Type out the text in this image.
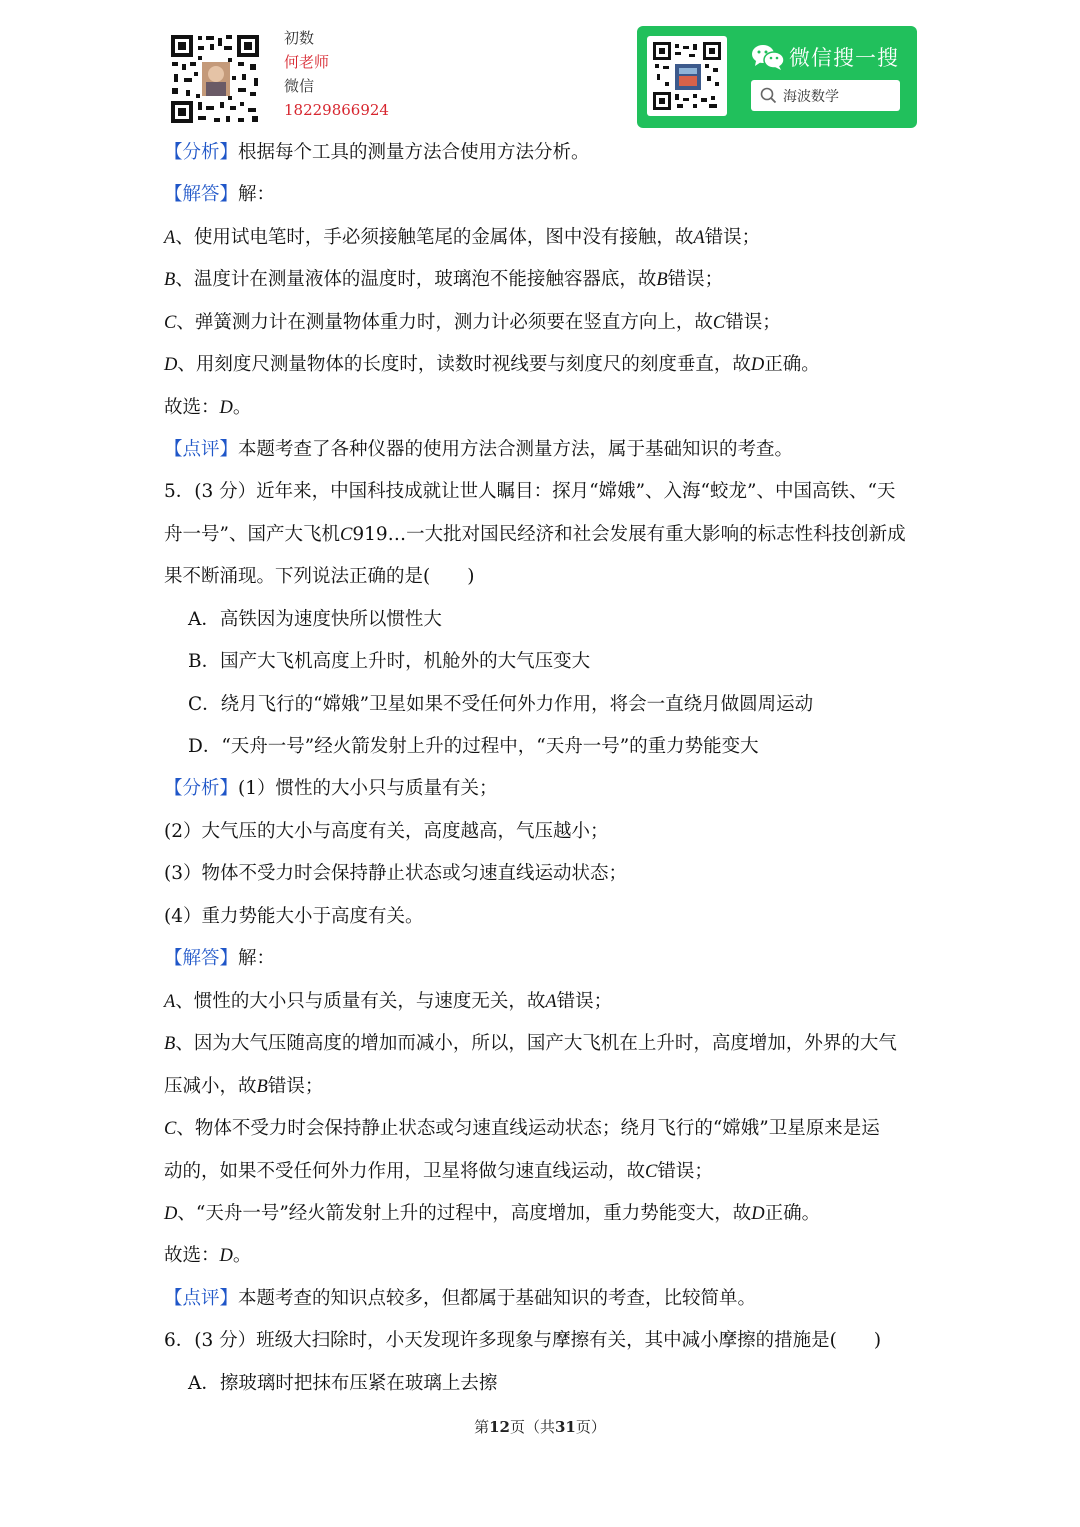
初数
何老师
微信
18229866924
微信搜一搜
海波数学
【分析】根据每个工具的测量方法合使用方法分析。
【解答】解：
A、使用试电笔时，手必须接触笔尾的金属体，图中没有接触，故A错误；
B、温度计在测量液体的温度时，玻璃泡不能接触容器底，故B错误；
C、弹簧测力计在测量物体重力时，测力计必须要在竖直方向上，故C错误；
D、用刻度尺测量物体的长度时，读数时视线要与刻度尺的刻度垂直，故D正确。
故选：D。
【点评】本题考查了各种仪器的使用方法合测量方法，属于基础知识的考查。
5．(3 分）近年来，中国科技成就让世人瞩目：探月“嫦娥”、入海“蛟龙”、中国高铁、“天
舟一号”、国产大飞机C919…一大批对国民经济和社会发展有重大影响的标志性科技创新成
果不断涌现。下列说法正确的是(　　)
A．高铁因为速度快所以惯性大
B．国产大飞机高度上升时，机舱外的大气压变大
C．绕月飞行的“嫦娥”卫星如果不受任何外力作用，将会一直绕月做圆周运动
D．“天舟一号”经火箭发射上升的过程中，“天舟一号”的重力势能变大
【分析】(1）惯性的大小只与质量有关；
(2）大气压的大小与高度有关，高度越高，气压越小；
(3）物体不受力时会保持静止状态或匀速直线运动状态；
(4）重力势能大小于高度有关。
【解答】解：
A、惯性的大小只与质量有关，与速度无关，故A错误；
B、因为大气压随高度的增加而减小，所以，国产大飞机在上升时，高度增加，外界的大气
压减小，故B错误；
C、物体不受力时会保持静止状态或匀速直线运动状态；绕月飞行的“嫦娥”卫星原来是运
动的，如果不受任何外力作用，卫星将做匀速直线运动，故C错误；
D、“天舟一号”经火箭发射上升的过程中，高度增加，重力势能变大，故D正确。
故选：D。
【点评】本题考查的知识点较多，但都属于基础知识的考查，比较简单。
6．(3 分）班级大扫除时，小天发现许多现象与摩擦有关，其中减小摩擦的措施是(　　)
A．擦玻璃时把抹布压紧在玻璃上去擦
第12页（共31页）
